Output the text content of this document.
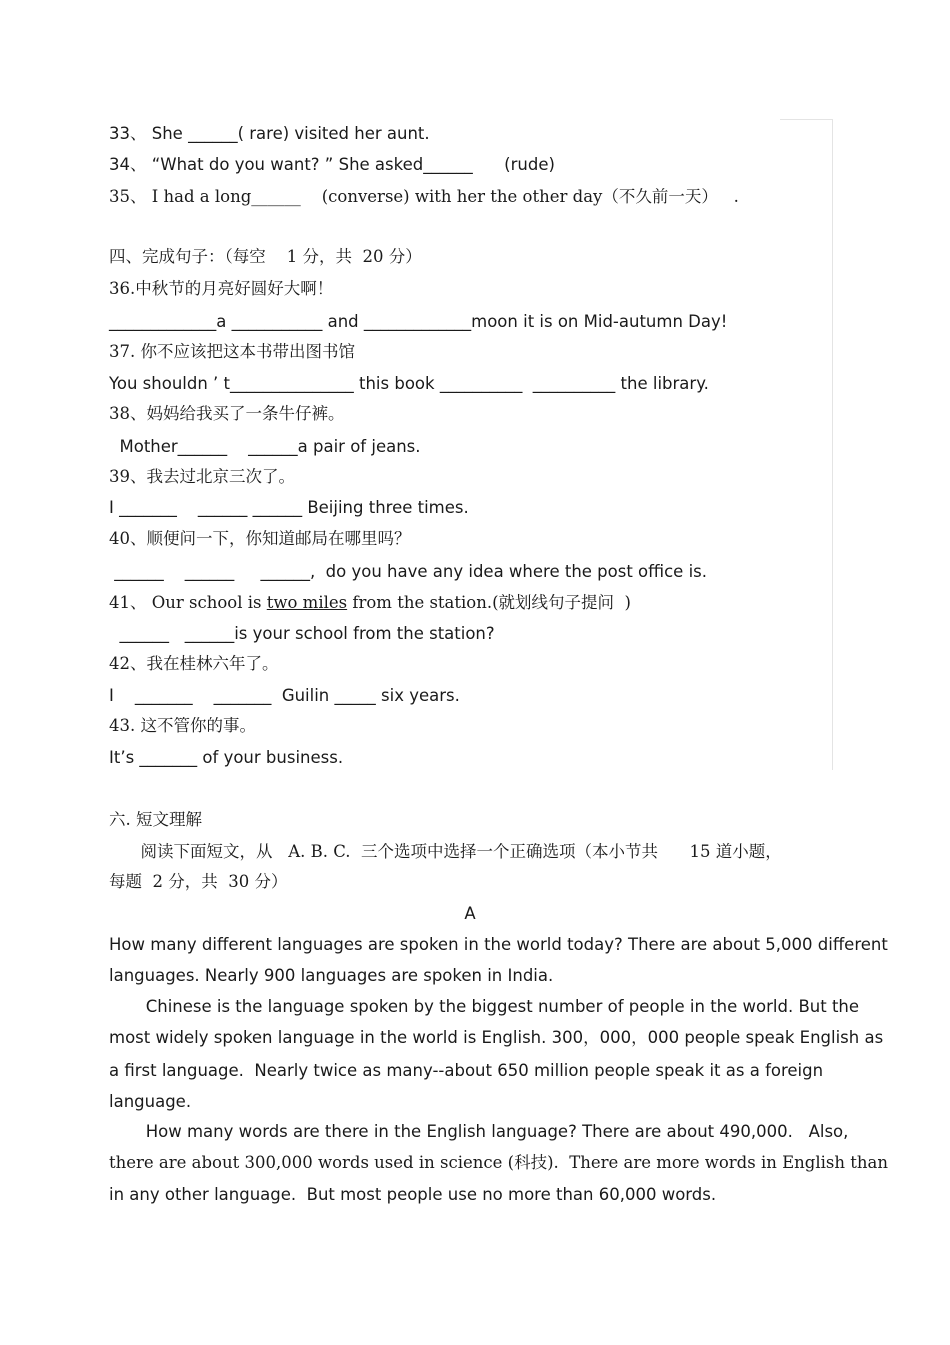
33、 She ______( rare) visited her aunt.
34、 “What do you want? ” She asked______      (rude)
35、 I had a long______    (converse) with her the other day（不久前一天）   .
四、完成句子：（每空    1 分，共  20 分）
36.中秋节的月亮好圆好大啊！
_____________a ___________ and _____________moon it is on Mid-autumn Day!
37. 你不应该把这本书带出图书馆
You shouldn ’ t_______________ this book __________  __________ the library.
38、妈妈给我买了一条牛仔裤。
Mother______    ______a pair of jeans.
39、我去过北京三次了。
I _______    ______ ______ Beijing three times.
40、顺便问一下，你知道邮局在哪里吗？
______    ______     ______,  do you have any idea where the post office is.
41、 Our school is two miles from the station.(就划线句子提问  )
______   ______is your school from the station?
42、我在桂林六年了。
I    _______    _______  Guilin _____ six years.
43. 这不管你的事。
It’s _______ of your business.
六. 短文理解
阅读下面短文，从   A. B. C.  三个选项中选择一个正确选项（本小节共      15 道小题，
每题  2 分，共  30 分）
A
How many different languages are spoken in the world today? There are about 5,000 different
languages. Nearly 900 languages are spoken in India.
Chinese is the language spoken by the biggest number of people in the world. But the
most widely spoken language in the world is English. 300，000，000 people speak English as
a first language.  Nearly twice as many--about 650 million people speak it as a foreign
language.
How many words are there in the English language? There are about 490,000.   Also,
there are about 300,000 words used in science (科技).  There are more words in English than
in any other language.  But most people use no more than 60,000 words.
